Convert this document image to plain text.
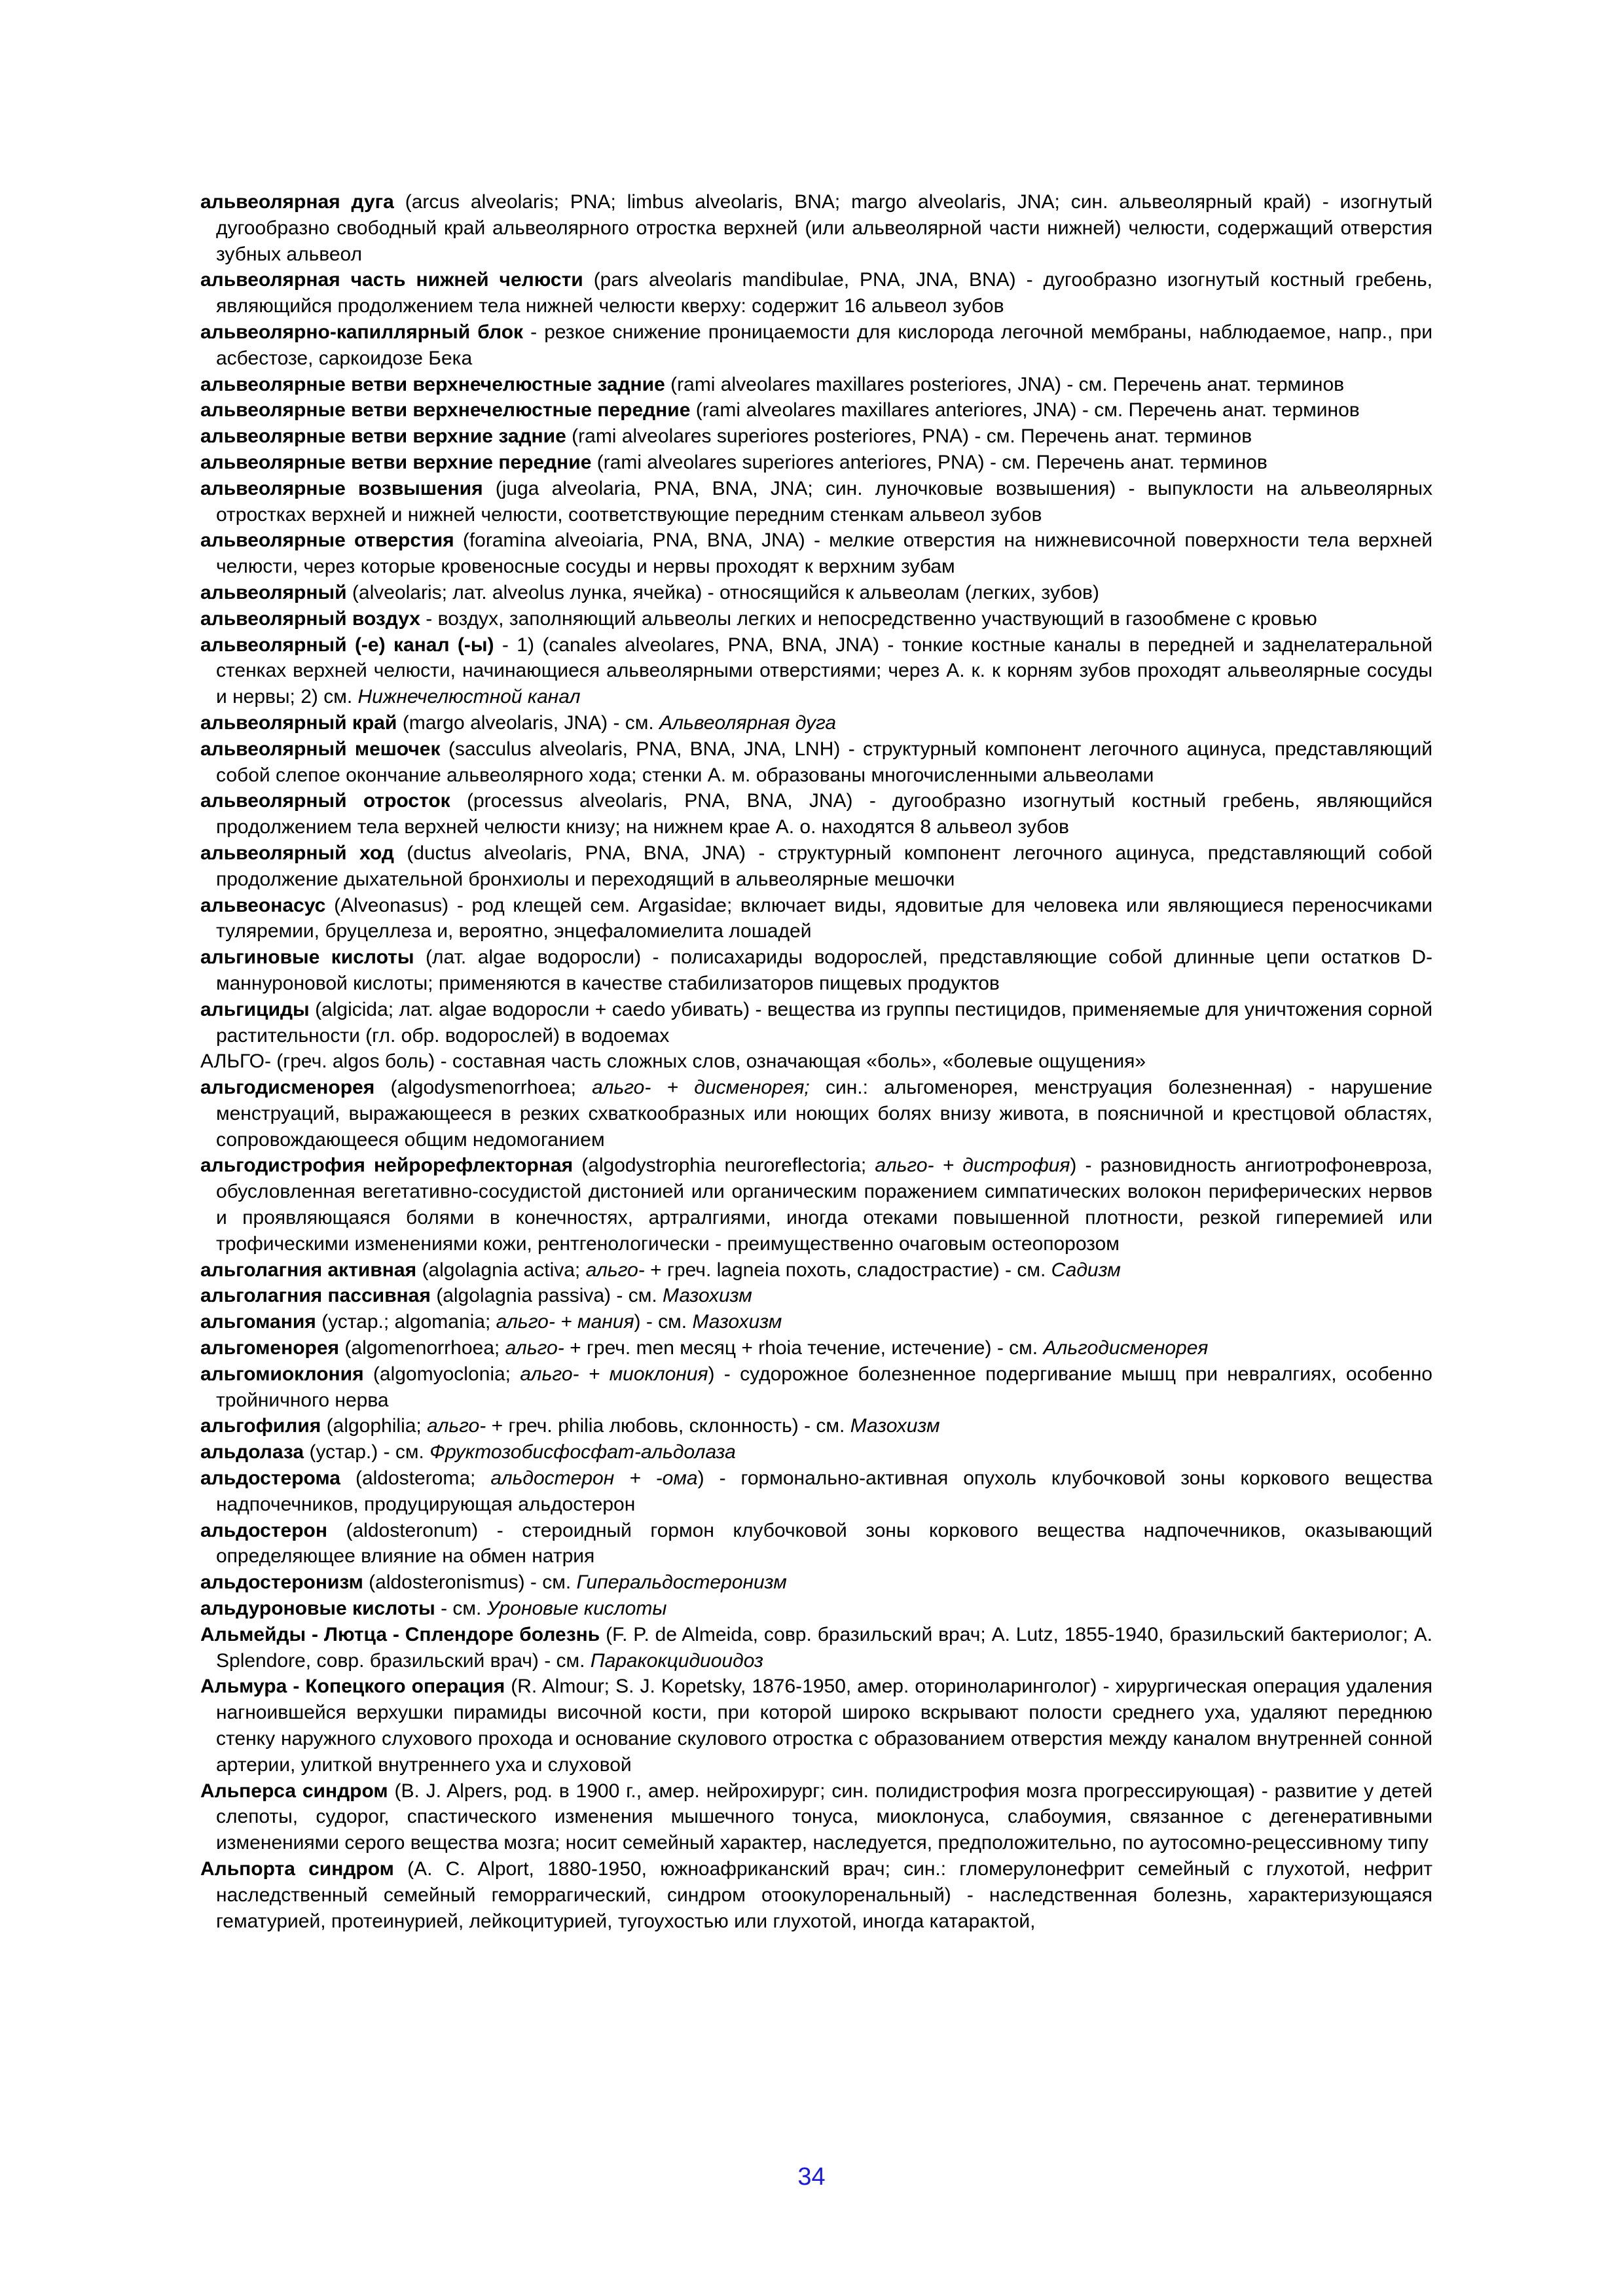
альвеолярная дуга (arcus alveolaris; PNA; limbus alveolaris, BNA; margo alveolaris, JNA; син. альвеолярный край) - изогнутый дугообразно свободный край альвеолярного отростка верхней (или альвеолярной части нижней) челюсти, содержащий отверстия зубных альвеол

альвеолярная часть нижней челюсти (pars alveolaris mandibulae, PNA, JNA, BNA) - дугообразно изогнутый костный гребень, являющийся продолжением тела нижней челюсти кверху: содержит 16 альвеол зубов

альвеолярно-капиллярный блок - резкое снижение проницаемости для кислорода легочной мембраны, наблюдаемое, напр., при асбестозе, саркоидозе Бека

альвеолярные ветви верхнечелюстные задние (rami alveolares maxillares posteriores, JNA) - см. Перечень анат. терминов

альвеолярные ветви верхнечелюстные передние (rami alveolares maxillares anteriores, JNA) - см. Перечень анат. терминов

альвеолярные ветви верхние задние (rami alveolares superiores posteriores, PNA) - см. Перечень анат. терминов

альвеолярные ветви верхние передние (rami alveolares superiores anteriores, PNA) - см. Перечень анат. терминов

альвеолярные возвышения (juga alveolaria, PNA, BNA, JNA; син. луночковые возвышения) - выпуклости на альвеолярных отростках верхней и нижней челюсти, соответствующие передним стенкам альвеол зубов

альвеолярные отверстия (foramina alveoiaria, PNA, BNA, JNA) - мелкие отверстия на нижневисочной поверхности тела верхней челюсти, через которые кровеносные сосуды и нервы проходят к верхним зубам

альвеолярный (alveolaris; лат. alveolus лунка, ячейка) - относящийся к альвеолам (легких, зубов)

альвеолярный воздух - воздух, заполняющий альвеолы легких и непосредственно участвующий в газообмене с кровью

альвеолярный (-е) канал (-ы) - 1) (canales alveolares, PNA, BNA, JNA) - тонкие костные каналы в передней и заднелатеральной стенках верхней челюсти, начинающиеся альвеолярными отверстиями; через А. к. к корням зубов проходят альвеолярные сосуды и нервы; 2) см. Нижнечелюстной канал

альвеолярный край (margo alveolaris, JNA) - см. Альвеолярная дуга

альвеолярный мешочек (sacculus alveolaris, PNA, BNA, JNA, LNH) - структурный компонент легочного ацинуса, представляющий собой слепое окончание альвеолярного хода; стенки А. м. образованы многочисленными альвеолами

альвеолярный отросток (processus alveolaris, PNA, BNA, JNA) - дугообразно изогнутый костный гребень, являющийся продолжением тела верхней челюсти книзу; на нижнем крае А. о. находятся 8 альвеол зубов

альвеолярный ход (ductus alveolaris, PNA, BNA, JNA) - структурный компонент легочного ацинуса, представляющий собой продолжение дыхательной бронхиолы и переходящий в альвеолярные мешочки

альвеонасус (Alveonasus) - род клещей сем. Argasidae; включает виды, ядовитые для человека или являющиеся переносчиками туляремии, бруцеллеза и, вероятно, энцефаломиелита лошадей

альгиновые кислоты (лат. algae водоросли) - полисахариды водорослей, представляющие собой длинные цепи остатков D-маннуроновой кислоты; применяются в качестве стабилизаторов пищевых продуктов

альгициды (algicida; лат. algae водоросли + caedo убивать) - вещества из группы пестицидов, применяемые для уничтожения сорной растительности (гл. обр. водорослей) в водоемах

АЛЬГО- (греч. algos боль) - составная часть сложных слов, означающая «боль», «болевые ощущения»

альгодисменорея (algodysmenorrhoea; альго- + дисменорея; син.: альгоменорея, менструация болезненная) - нарушение менструаций, выражающееся в резких схваткообразных или ноющих болях внизу живота, в поясничной и крестцовой областях, сопровождающееся общим недомоганием

альгодистрофия нейрорефлекторная (algodystrophia neuroreflectoria; альго- + дистрофия) - разновидность ангиотрофоневроза, обусловленная вегетативно-сосудистой дистонией или органическим поражением симпатических волокон периферических нервов и проявляющаяся болями в конечностях, артралгиями, иногда отеками повышенной плотности, резкой гиперемией или трофическими изменениями кожи, рентгенологически - преимущественно очаговым остеопорозом

альголагния активная (algolagnia activa; альго- + греч. lagneia похоть, сладострастие) - см. Садизм

альголагния пассивная (algolagnia passiva) - см. Мазохизм

альгомания (устар.; algomania; альго- + мания) - см. Мазохизм

альгоменорея (algomenorrhoea; альго- + греч. men месяц + rhoia течение, истечение) - см. Альгодисменорея

альгомиоклония (algomyoclonia; альго- + миоклония) - судорожное болезненное подергивание мышц при невралгиях, особенно тройничного нерва

альгофилия (algophilia; альго- + греч. philia любовь, склонность) - см. Мазохизм

альдолаза (устар.) - см. Фруктозобисфосфат-альдолаза

альдостерома (aldosteroma; альдостерон + -ома) - гормонально-активная опухоль клубочковой зоны коркового вещества надпочечников, продуцирующая альдостерон

альдостерон (aldosteronum) - стероидный гормон клубочковой зоны коркового вещества надпочечников, оказывающий определяющее влияние на обмен натрия

альдостеронизм (aldosteronismus) - см. Гиперальдостеронизм

альдуроновые кислоты - см. Уроновые кислоты

Альмейды - Лютца - Сплендоре болезнь (F. P. de Almeida, совр. бразильский врач; A. Lutz, 1855-1940, бразильский бактериолог; A. Splendore, совр. бразильский врач) - см. Паракокцидиоидоз

Альмура - Копецкого операция (R. Almour; S. J. Kopetsky, 1876-1950, амер. оториноларинголог) - хирургическая операция удаления нагноившейся верхушки пирамиды височной кости, при которой широко вскрывают полости среднего уха, удаляют переднюю стенку наружного слухового прохода и основание скулового отростка с образованием отверстия между каналом внутренней сонной артерии, улиткой внутреннего уха и слуховой

Альперса синдром (B. J. Alpers, род. в 1900 г., амер. нейрохирург; син. полидистрофия мозга прогрессирующая) - развитие у детей слепоты, судорог, спастического изменения мышечного тонуса, миоклонуса, слабоумия, связанное с дегенеративными изменениями серого вещества мозга; носит семейный характер, наследуется, предположительно, по аутосомно-рецессивному типу

Альпорта синдром (A. C. Alport, 1880-1950, южноафриканский врач; син.: гломерулонефрит семейный с глухотой, нефрит наследственный семейный геморрагический, синдром отоокулоренальный) - наследственная болезнь, характеризующаяся гематурией, протеинурией, лейкоцитурией, тугоухостью или глухотой, иногда катарактой,

34
